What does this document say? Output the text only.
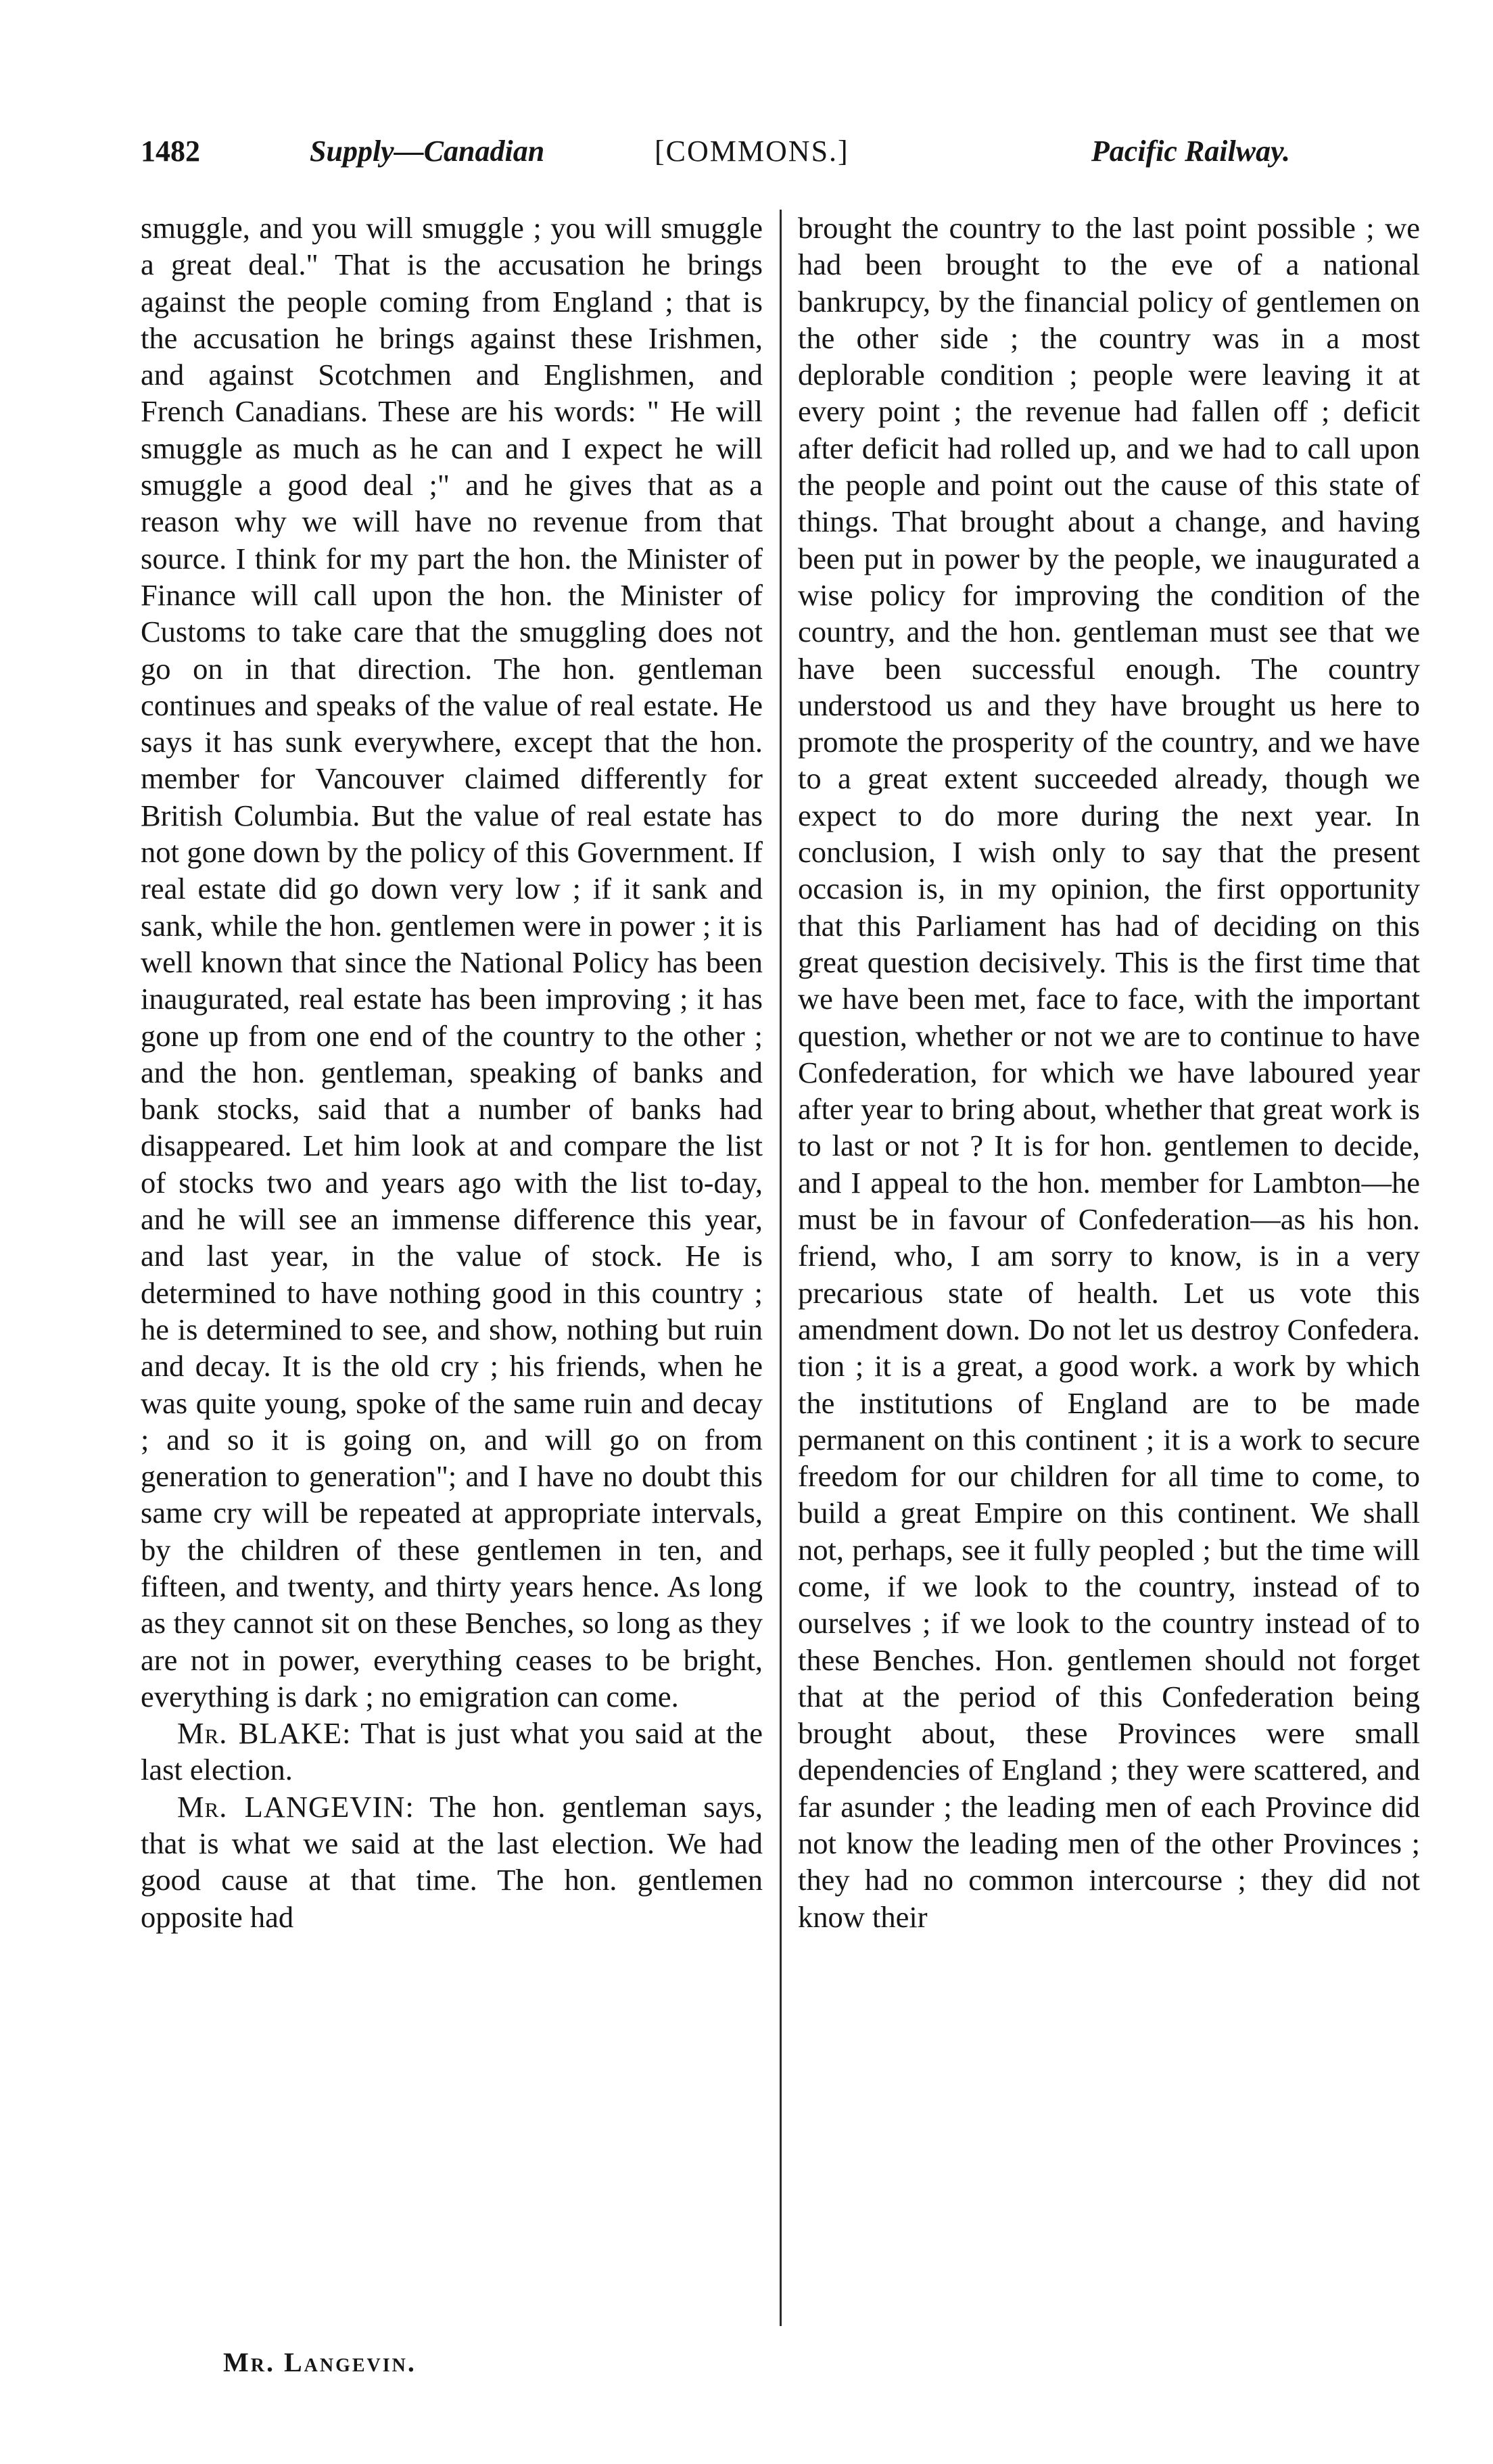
1482	Supply—Canadian	[COMMONS.]	Pacific Railway.

smuggle, and you will smuggle ; you will smuggle a great deal." That is the accusation he brings against the people coming from England ; that is the accusation he brings against these Irishmen, and against Scotchmen and Englishmen, and French Canadians. These are his words: " He will smuggle as much as he can and I expect he will smuggle a good deal ;" and he gives that as a reason why we will have no revenue from that source. I think for my part the hon. the Minister of Finance will call upon the hon. the Minister of Customs to take care that the smuggling does not go on in that direction. The hon. gentleman continues and speaks of the value of real estate. He says it has sunk everywhere, except that the hon. member for Vancouver claimed differently for British Columbia. But the value of real estate has not gone down by the policy of this Government. If real estate did go down very low ; if it sank and sank, while the hon. gentlemen were in power ; it is well known that since the National Policy has been inaugurated, real estate has been improving ; it has gone up from one end of the country to the other ; and the hon. gentleman, speaking of banks and bank stocks, said that a number of banks had disappeared. Let him look at and compare the list of stocks two and years ago with the list to-day, and he will see an immense difference this year, and last year, in the value of stock. He is determined to have nothing good in this country ; he is determined to see, and show, nothing but ruin and decay. It is the old cry ; his friends, when he was quite young, spoke of the same ruin and decay ; and so it is going on, and will go on from generation to generation"; and I have no doubt this same cry will be repeated at appropriate intervals, by the children of these gentlemen in ten, and fifteen, and twenty, and thirty years hence. As long as they cannot sit on these Benches, so long as they are not in power, everything ceases to be bright, everything is dark ; no emigration can come.

Mr. BLAKE: That is just what you said at the last election.

Mr. LANGEVIN: The hon. gentleman says, that is what we said at the last election. We had good cause at that time. The hon. gentlemen opposite had

brought the country to the last point possible ; we had been brought to the eve of a national bankrupcy, by the financial policy of gentlemen on the other side ; the country was in a most deplorable condition ; people were leaving it at every point ; the revenue had fallen off ; deficit after deficit had rolled up, and we had to call upon the people and point out the cause of this state of things. That brought about a change, and having been put in power by the people, we inaugurated a wise policy for improving the condition of the country, and the hon. gentleman must see that we have been successful enough. The country understood us and they have brought us here to promote the prosperity of the country, and we have to a great extent succeeded already, though we expect to do more during the next year. In conclusion, I wish only to say that the present occasion is, in my opinion, the first opportunity that this Parliament has had of deciding on this great question decisively. This is the first time that we have been met, face to face, with the important question, whether or not we are to continue to have Confederation, for which we have laboured year after year to bring about, whether that great work is to last or not ? It is for hon. gentlemen to decide, and I appeal to the hon. member for Lambton—he must be in favour of Confederation—as his hon. friend, who, I am sorry to know, is in a very precarious state of health. Let us vote this amendment down. Do not let us destroy Confedera. tion ; it is a great, a good work. a work by which the institutions of England are to be made permanent on this continent ; it is a work to secure freedom for our children for all time to come, to build a great Empire on this continent. We shall not, perhaps, see it fully peopled ; but the time will come, if we look to the country, instead of to ourselves ; if we look to the country instead of to these Benches. Hon. gentlemen should not forget that at the period of this Confederation being brought about, these Provinces were small dependencies of England ; they were scattered, and far asunder ; the leading men of each Province did not know the leading men of the other Provinces ; they had no common intercourse ; they did not know their

Mr. Langevin.
